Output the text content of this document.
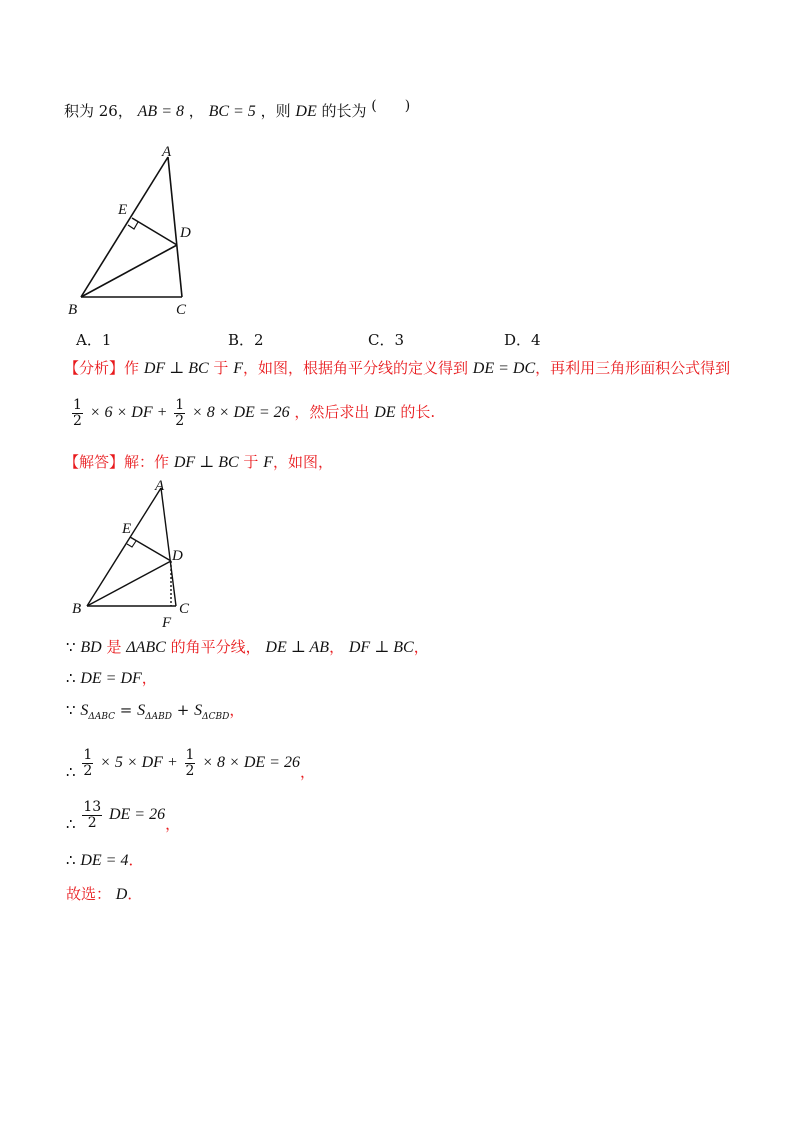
积为 26， AB = 8 ， BC = 5 ，则 DE 的长为 (　　)
A
E
D
B	C
A．1	B．2	C．3	D．4
【分析】作 DF ⊥ BC 于 F，如图，根据角平分线的定义得到 DE = DC，再利用三角形面积公式得到
$\frac{1}{2} \times 6$ × DF + $\frac{1}{2} \times 8$ × DE = 26 ，然后求出 DE 的长.
【解答】解：作 DF ⊥ BC 于 F，如图，
A
E
D
B	C
F
∵ BD 是 ΔABC 的角平分线， DE ⊥ AB， DF ⊥ BC，
∴ DE = DF，
∵ $S_{\Delta ABC} = S_{\Delta ABD} + S_{\Delta CBD}$，
∴ $\frac{1}{2} \times 5$ × DF + $\frac{1}{2} \times 8$ × DE = 26，
∴ $\frac{13}{2}$ DE = 26，
∴ DE = 4．
故选： D．
